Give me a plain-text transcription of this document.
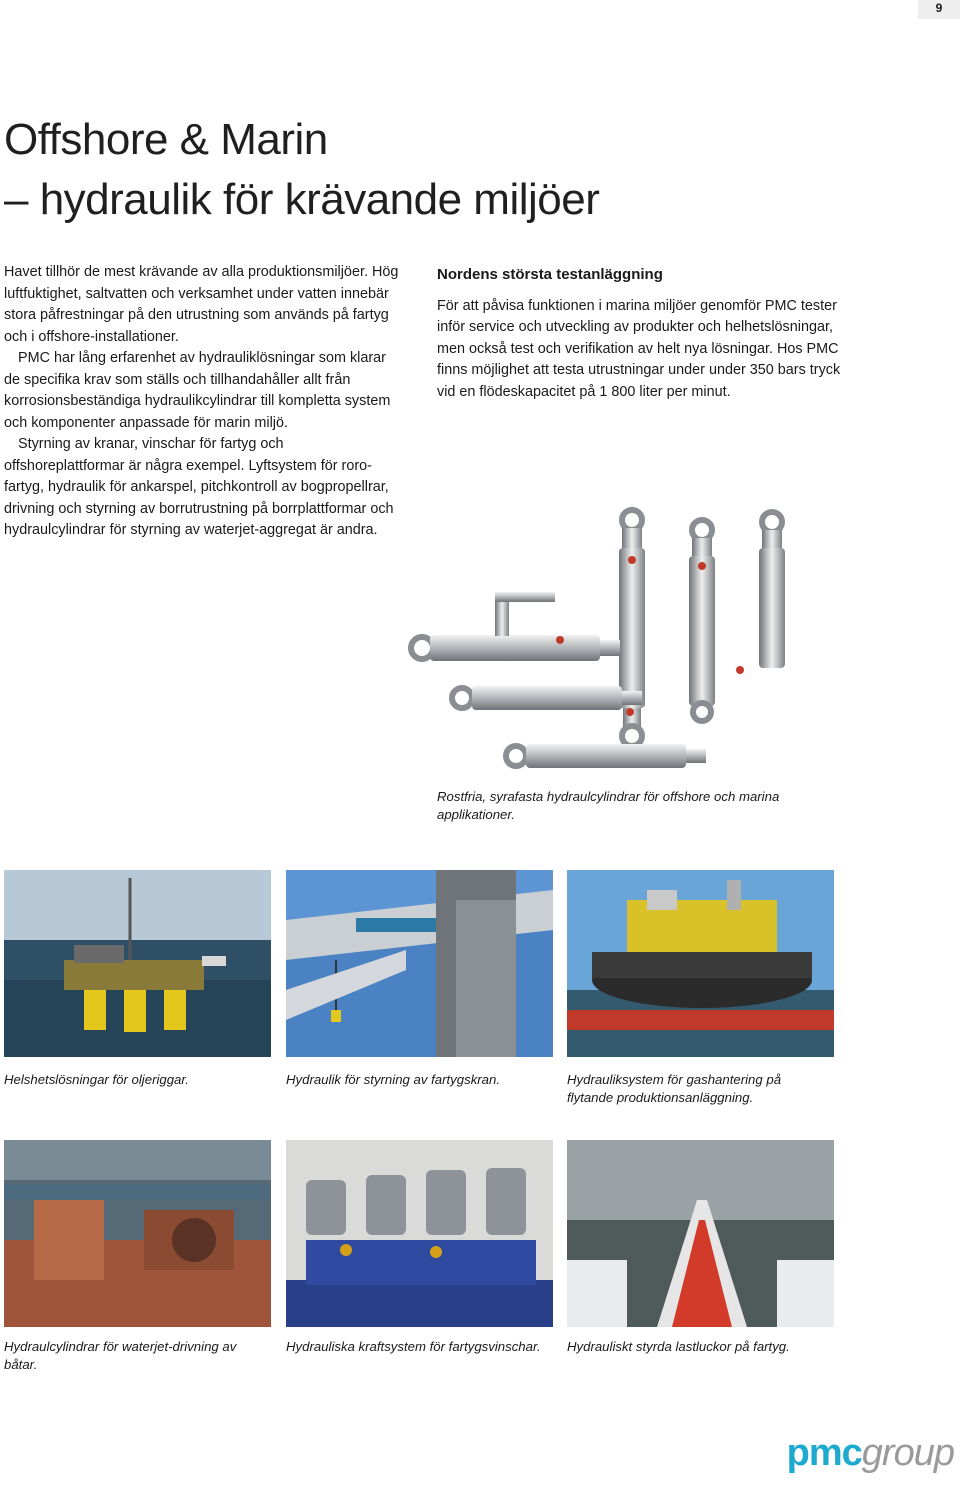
9
Offshore & Marin
– hydraulik för krävande miljöer

Havet tillhör de mest krävande av alla produktionsmiljöer. Hög luftfuktighet, saltvatten och verksamhet under vatten innebär stora påfrestningar på den utrustning som används på fartyg och i offshore-installationer.

PMC har lång erfarenhet av hydrauliklösningar som klarar de specifika krav som ställs och tillhandahåller allt från korrosionsbeständiga hydraulikcylindrar till kompletta system och komponenter anpassade för marin miljö.

Styrning av kranar, vinschar för fartyg och offshoreplattformar är några exempel. Lyftsystem för roro-fartyg, hydraulik för ankarspel, pitchkontroll av bogpropellrar, drivning och styrning av borrutrustning på borrplattformar och hydraulcylindrar för styrning av waterjet-aggregat är andra.

Nordens största testanläggning

För att påvisa funktionen i marina miljöer genomför PMC tester inför service och utveckling av produkter och helhetslösningar, men också test och verifikation av helt nya lösningar. Hos PMC finns möjlighet att testa utrustningar under under 350 bars tryck vid en flödeskapacitet på 1 800 liter per minut.

Rostfria, syrafasta hydraulcylindrar för offshore och marina applikationer.
Helshetslösningar för oljeriggar.	Hydraulik för styrning av fartygskran.	Hydrauliksystem för gashantering på flytande produktionsanläggning.
Hydraulcylindrar för waterjet-drivning av båtar.
Hydrauliska kraftsystem för fartygsvinschar.	Hydrauliskt styrda lastluckor på fartyg.
pmcgroup
